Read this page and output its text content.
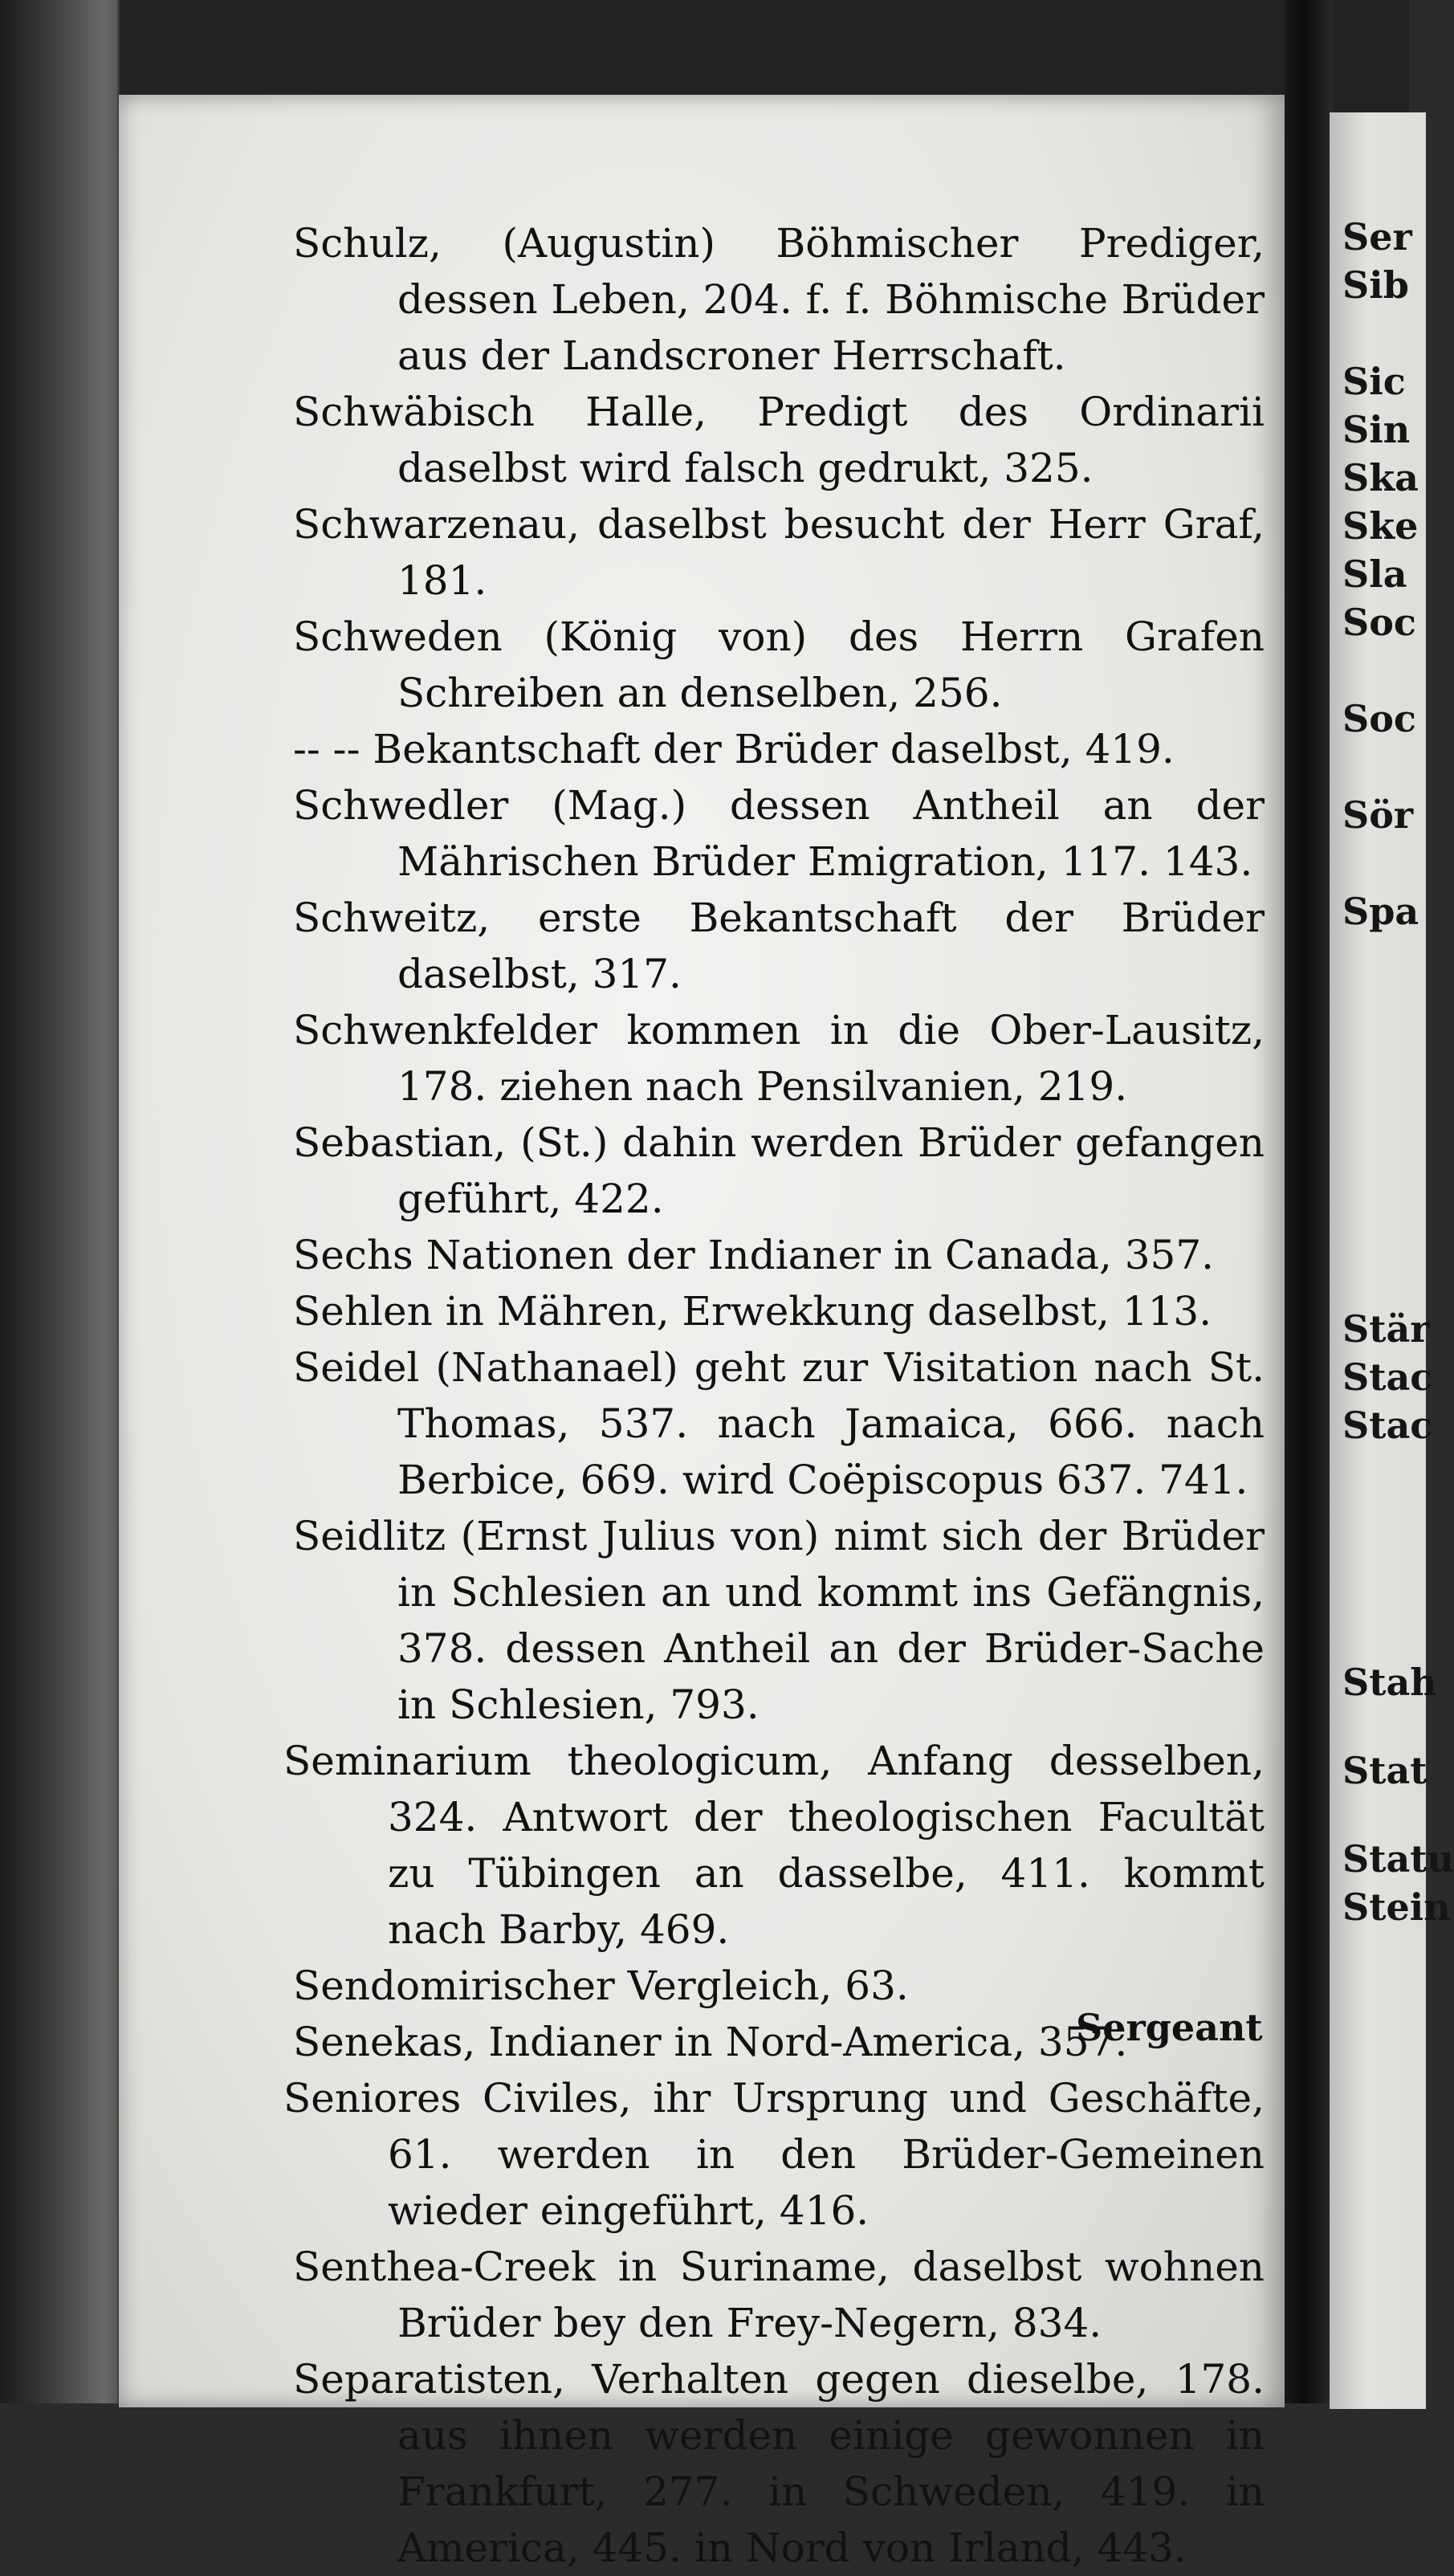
Schulz, (Augustin) Böhmischer Prediger, dessen Leben, 204. f. f. Böhmische Brüder aus der Landscroner Herrschaft.

Schwäbisch Halle, Predigt des Ordinarii daselbst wird falsch gedrukt, 325.

Schwarzenau, daselbst besucht der Herr Graf, 181.

Schweden (König von) des Herrn Grafen Schreiben an denselben, 256.

-- -- Bekantschaft der Brüder daselbst, 419.

Schwedler (Mag.) dessen Antheil an der Mährischen Brüder Emigration, 117. 143.

Schweitz, erste Bekantschaft der Brüder daselbst, 317.

Schwenkfelder kommen in die Ober-Lausitz, 178. ziehen nach Pensilvanien, 219.

Sebastian, (St.) dahin werden Brüder gefangen geführt, 422.

Sechs Nationen der Indianer in Canada, 357.

Sehlen in Mähren, Erwekkung daselbst, 113.

Seidel (Nathanael) geht zur Visitation nach St. Thomas, 537. nach Jamaica, 666. nach Berbice, 669. wird Coëpiscopus 637. 741.

Seidlitz (Ernst Julius von) nimt sich der Brüder in Schlesien an und kommt ins Gefängnis, 378. dessen Antheil an der Brüder-Sache in Schlesien, 793.

Seminarium theologicum, Anfang desselben, 324. Antwort der theologischen Facultät zu Tübingen an dasselbe, 411. kommt nach Barby, 469.

Sendomirischer Vergleich, 63.

Senekas, Indianer in Nord-America, 357.

Seniores Civiles, ihr Ursprung und Geschäfte, 61. werden in den Brüder-Gemeinen wieder eingeführt, 416.

Senthea-Creek in Suriname, daselbst wohnen Brüder bey den Frey-Negern, 834.

Separatisten, Verhalten gegen dieselbe, 178. aus ihnen werden einige gewonnen in Frankfurt, 277. in Schweden, 419. in America, 445. in Nord von Irland, 443.

Sergeant
Ser
Sib
Sic
Sin
Ska
Ske
Sla
Soc
Soc
Sör
Spa
Stär
Stac
Stac
Stah
Stat
Statu
Stein
